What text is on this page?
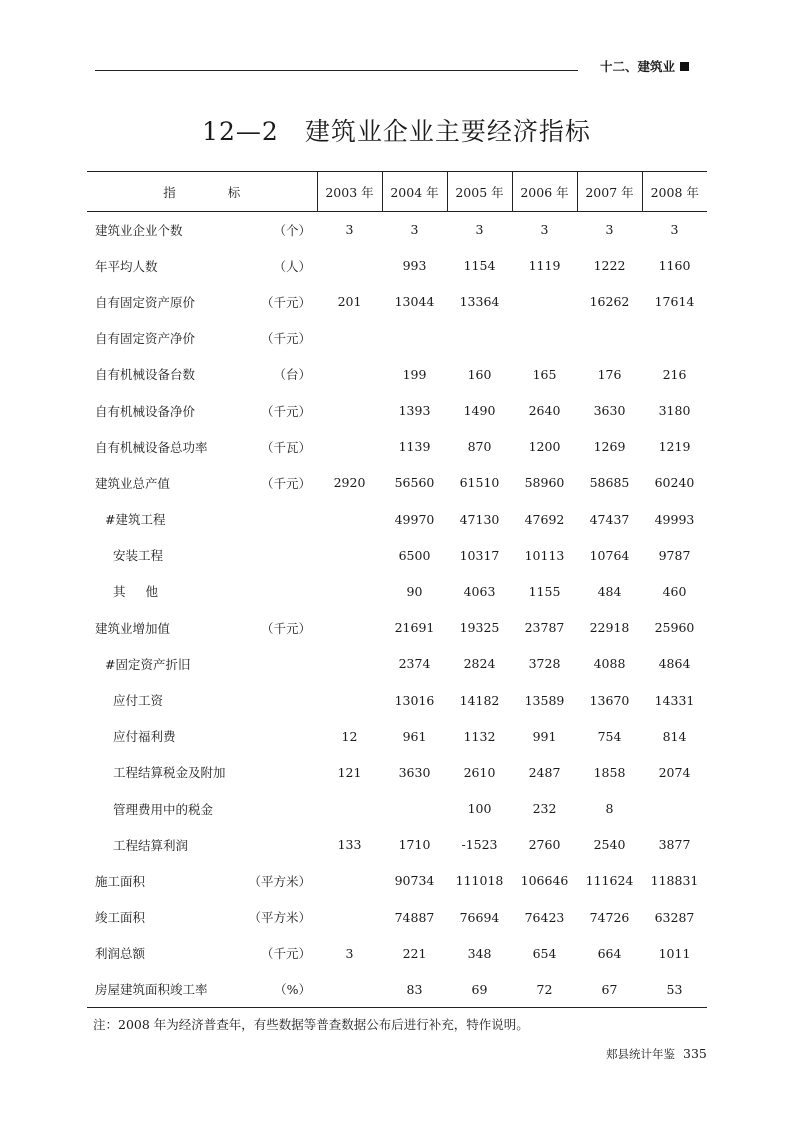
十二、建筑业
12—2 建筑业企业主要经济指标
指 标	2003 年	2004 年	2005 年	2006 年	2007 年	2008 年

建筑业企业个数 （个）	3	3	3	3	3	3

年平均人数 （人）		993	1154	1119	1222	1160

自有固定资产原价 （千元）	201	13044	13364		16262	17614

自有固定资产净价 （千元）						

自有机械设备台数 （台）		199	160	165	176	216

自有机械设备净价 （千元）		1393	1490	2640	3630	3180

自有机械设备总功率 （千瓦）		1139	870	1200	1269	1219

建筑业总产值 （千元）	2920	56560	61510	58960	58685	60240

#建筑工程		49970	47130	47692	47437	49993

安装工程		6500	10317	10113	10764	9787

其他		90	4063	1155	484	460

建筑业增加值 （千元）		21691	19325	23787	22918	25960

#固定资产折旧		2374	2824	3728	4088	4864

应付工资		13016	14182	13589	13670	14331

应付福利费	12	961	1132	991	754	814

工程结算税金及附加	121	3630	2610	2487	1858	2074

管理费用中的税金			100	232	8	

工程结算利润	133	1710	-1523	2760	2540	3877

施工面积 （平方米）		90734	111018	106646	111624	118831

竣工面积 （平方米）		74887	76694	76423	74726	63287

利润总额 （千元）	3	221	348	654	664	1011

房屋建筑面积竣工率 （%）		83	69	72	67	53
注：2008 年为经济普查年，有些数据等普查数据公布后进行补充，特作说明。
郏县统计年鉴 335
